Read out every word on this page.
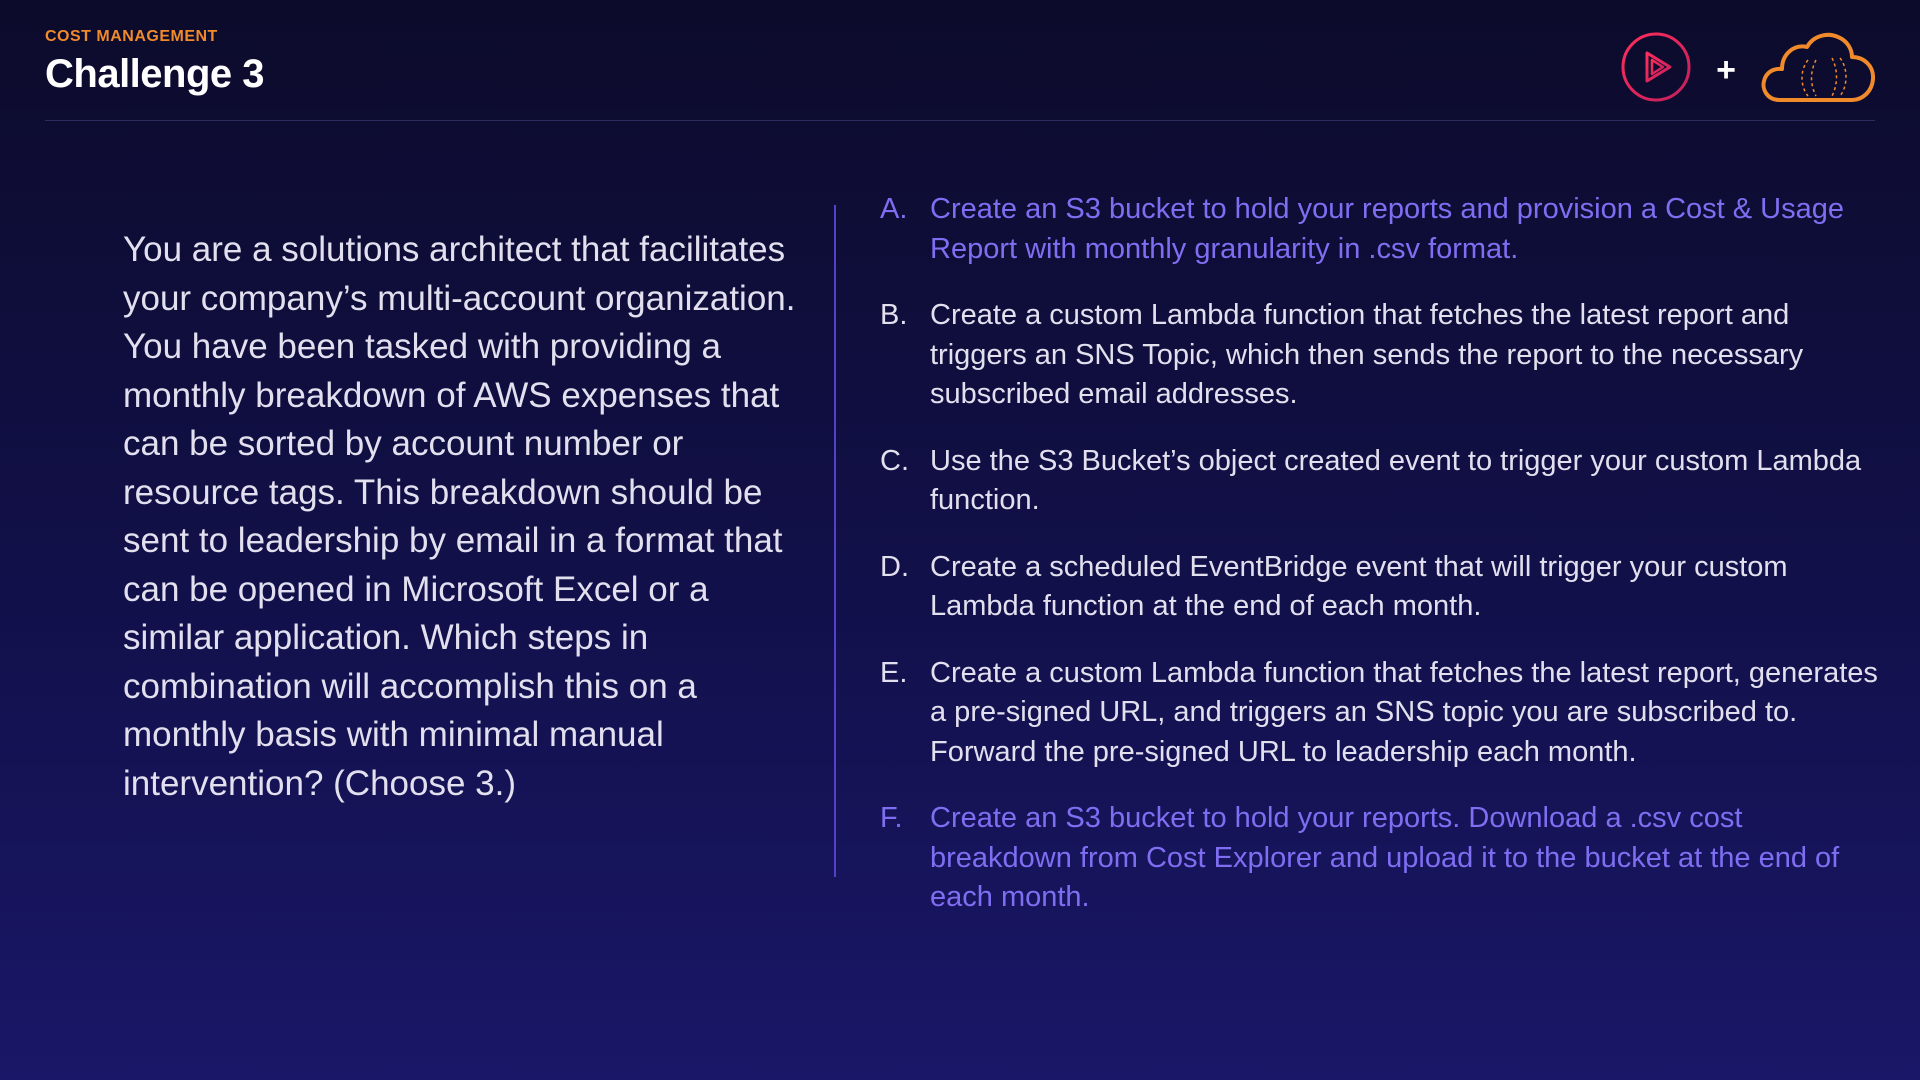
COST MANAGEMENT
Challenge 3	+
You are a solutions architect that facilitates your company’s multi-account organization. You have been tasked with providing a monthly breakdown of AWS expenses that can be sorted by account number or resource tags. This breakdown should be sent to leadership by email in a format that can be opened in Microsoft Excel or a similar application. Which steps in combination will accomplish this on a monthly basis with minimal manual intervention? (Choose 3.)
A. Create an S3 bucket to hold your reports and provision a Cost & Usage Report with monthly granularity in .csv format.
B. Create a custom Lambda function that fetches the latest report and triggers an SNS Topic, which then sends the report to the necessary subscribed email addresses.
C. Use the S3 Bucket’s object created event to trigger your custom Lambda function.
D. Create a scheduled EventBridge event that will trigger your custom Lambda function at the end of each month.
E. Create a custom Lambda function that fetches the latest report, generates a pre-signed URL, and triggers an SNS topic you are subscribed to. Forward the pre-signed URL to leadership each month.
F. Create an S3 bucket to hold your reports. Download a .csv cost breakdown from Cost Explorer and upload it to the bucket at the end of each month.
